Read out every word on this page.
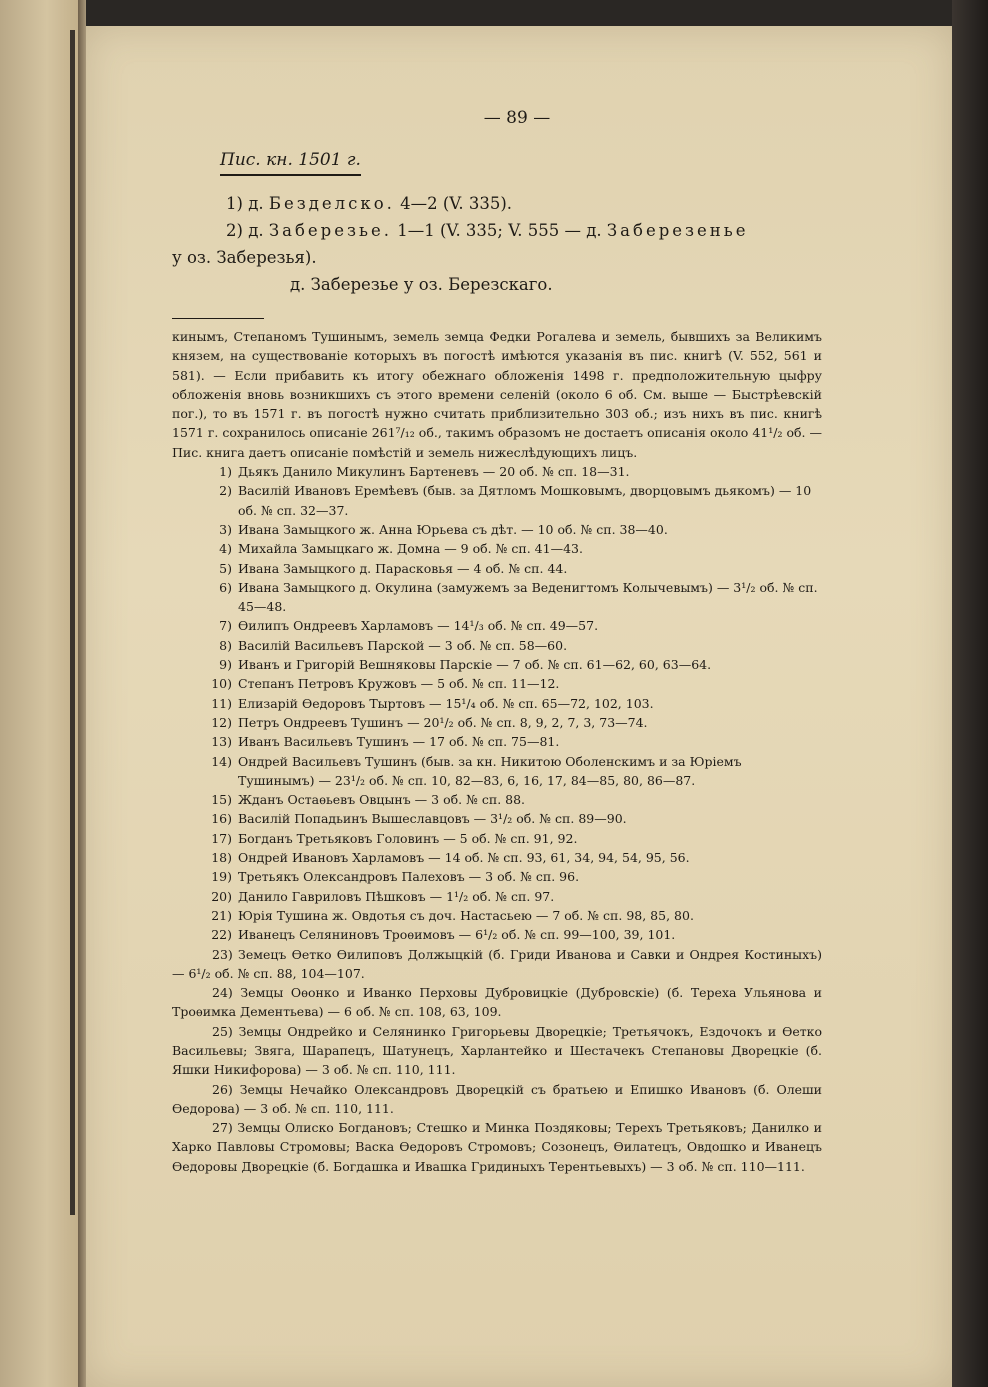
— 89 —
Пис. кн. 1501 г.
1) д. Безделско. 4—2 (V. 335).
2) д. Заберезье. 1—1 (V. 335; V. 555 — д. Заберезенье
у оз. Заберезья).
д. Заберезье у оз. Березскаго.
кинымъ, Степаномъ Тушинымъ, земель земца Федки Рогалева и земель, бывшихъ за Великимъ князем, на существованіе которыхъ въ погостѣ имѣются указанія въ пис. книгѣ (V. 552, 561 и 581). — Если прибавить къ итогу обежнаго обложенія 1498 г. предположительную цыфру обложенія вновь возникшихъ съ этого времени селеній (около 6 об. См. выше — Быстрѣевскій пог.), то въ 1571 г. въ погостѣ нужно считать приблизительно 303 об.; изъ нихъ въ пис. книгѣ 1571 г. сохранилось описаніе 261⁷/₁₂ об., такимъ образомъ не достаетъ описанія около 41¹/₂ об. — Пис. книга даетъ описаніе помѣстій и земель нижеслѣдующихъ лицъ.
1) Дьякъ Данило Микулинъ Бартеневъ — 20 об. № сп. 18—31.
2) Василій Ивановъ Еремѣевъ (быв. за Дятломъ Мошковымъ, дворцовымъ дьякомъ) — 10 об. № сп. 32—37.
3) Ивана Замыцкого ж. Анна Юрьева съ дѣт. — 10 об. № сп. 38—40.
4) Михайла Замыцкаго ж. Домна — 9 об. № сп. 41—43.
5) Ивана Замыцкого д. Парасковья — 4 об. № сп. 44.
6) Ивана Замыцкого д. Окулина (замужемъ за Веденигтомъ Колычевымъ) — 3¹/₂ об. № сп. 45—48.
7) Ѳилипъ Ондреевъ Харламовъ — 14¹/₃ об. № сп. 49—57.
8) Василій Васильевъ Парской — 3 об. № сп. 58—60.
9) Иванъ и Григорій Вешняковы Парскіе — 7 об. № сп. 61—62, 60, 63—64.
10) Степанъ Петровъ Кружовъ — 5 об. № сп. 11—12.
11) Елизарій Ѳедоровъ Тыртовъ — 15¹/₄ об. № сп. 65—72, 102, 103.
12) Петръ Ондреевъ Тушинъ — 20¹/₂ об. № сп. 8, 9, 2, 7, 3, 73—74.
13) Иванъ Васильевъ Тушинъ — 17 об. № сп. 75—81.
14) Ондрей Васильевъ Тушинъ (быв. за кн. Никитою Оболенскимъ и за Юріемъ Тушинымъ) — 23¹/₂ об. № сп. 10, 82—83, 6, 16, 17, 84—85, 80, 86—87.
15) Жданъ Остаѳьевъ Овцынъ — 3 об. № сп. 88.
16) Василій Попадьинъ Вышеславцовъ — 3¹/₂ об. № сп. 89—90.
17) Богданъ Третьяковъ Головинъ — 5 об. № сп. 91, 92.
18) Ондрей Ивановъ Харламовъ — 14 об. № сп. 93, 61, 34, 94, 54, 95, 56.
19) Третьякъ Олександровъ Палеховъ — 3 об. № сп. 96.
20) Данило Гавриловъ Пѣшковъ — 1¹/₂ об. № сп. 97.
21) Юрія Тушина ж. Овдотья съ доч. Настасьею — 7 об. № сп. 98, 85, 80.
22) Иванецъ Селяниновъ Троѳимовъ — 6¹/₂ об. № сп. 99—100, 39, 101.
23) Земецъ Ѳетко Ѳилиповъ Должыцкій (б. Гриди Иванова и Савки и Ондрея Костиныхъ) — 6¹/₂ об. № сп. 88, 104—107.
24) Земцы Оѳонко и Иванко Перховы Дубровицкіе (Дубровскіе) (б. Тереха Ульянова и Троѳимка Дементьева) — 6 об. № сп. 108, 63, 109.
25) Земцы Ондрейко и Селянинко Григорьевы Дворецкіе; Третьячокъ, Ездочокъ и Ѳетко Васильевы; Звяга, Шарапецъ, Шатунецъ, Харлантейко и Шестачекъ Степановы Дворецкіе (б. Яшки Никифорова) — 3 об. № сп. 110, 111.
26) Земцы Нечайко Олександровъ Дворецкій съ братьею и Епишко Ивановъ (б. Олеши Ѳедорова) — 3 об. № сп. 110, 111.
27) Земцы Олиско Богдановъ; Стешко и Минка Поздяковы; Терехъ Третьяковъ; Данилко и Харко Павловы Стромовы; Васка Ѳедоровъ Стромовъ; Созонецъ, Ѳилатецъ, Овдошко и Иванецъ Ѳедоровы Дворецкіе (б. Богдашка и Ивашка Гридиныхъ Терентьевыхъ) — 3 об. № сп. 110—111.
